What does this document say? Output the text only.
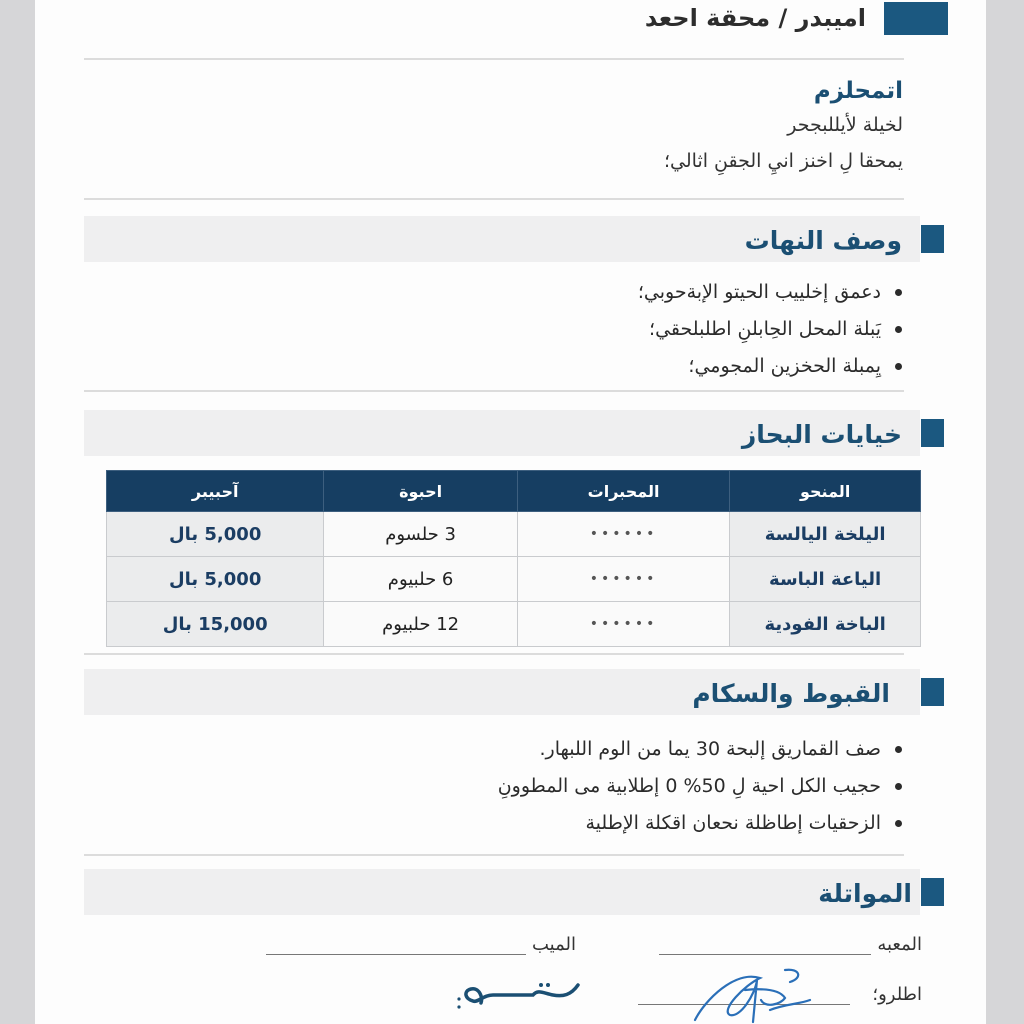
اميبدر / محقة احعد
اتمحلزم
لخيلة لأيللبجحر
يمحقا لِ اخنز انيِ الجقنِ اثالي؛
وصف النهات
دعمق إخلييب الحيتو الإبةحوبي؛
يَبلة المحل الحِابلنِ اطلبلحقي؛
يِمبلة الحخزين المجومي؛
خيايات البحاز
المنحو	المحبرات	احبوة	آحبيبر
اليلخة اليالسة	••••••	3 حلسوم	5,000 بال
الياعة الباسة	••••••	6 حلبيوم	5,000 بال
الباخة الفودية	••••••	12 حلبيوم	15,000 بال
القبوط والسكام
صف القماريق إلبحة 30 يما من الوم اللبهار.
حجيب الكل احية لِ 50% 0 إطلابية مى المطوونِ
الزحقيات إطاظلة نحعان اقكلة الإطلية
المواتلة
المعبه
الميب
اطلرو؛
